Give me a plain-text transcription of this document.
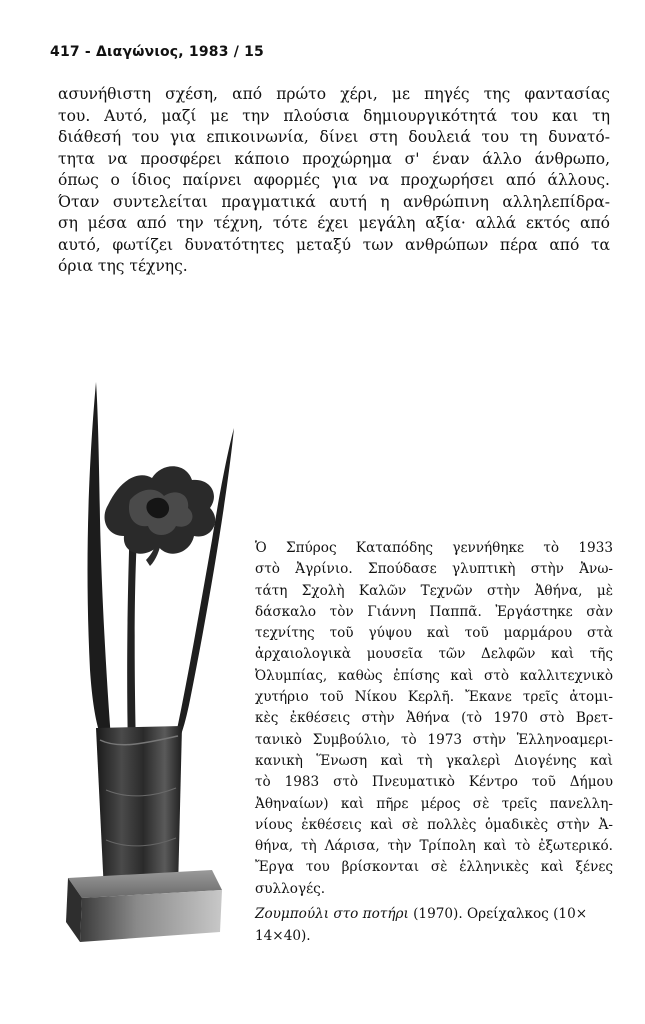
417 - Διαγώνιος, 1983 / 15
ασυνήθιστη σχέση, από πρώτο χέρι, με πηγές της φαντασίας
του. Αυτό, μαζί με την πλούσια δημιουργικότητά του και τη
διάθεσή του για επικοινωνία, δίνει στη δουλειά του τη δυνατό-
τητα να προσφέρει κάποιο προχώρημα σ' έναν άλλο άνθρωπο,
όπως ο ίδιος παίρνει αφορμές για να προχωρήσει από άλλους.
Όταν συντελείται πραγματικά αυτή η ανθρώπινη αλληλεπίδρα-
ση μέσα από την τέχνη, τότε έχει μεγάλη αξία· αλλά εκτός από
αυτό, φωτίζει δυνατότητες μεταξύ των ανθρώπων πέρα από τα
όρια της τέχνης.
Ὁ Σπύρος Καταπόδης γεννήθηκε τὸ 1933
στὸ Ἀγρίνιο. Σπούδασε γλυπτικὴ στὴν Ἀνω-
τάτη Σχολὴ Καλῶν Τεχνῶν στὴν Ἀθήνα, μὲ
δάσκαλο τὸν Γιάννη Παππᾶ. Ἐργάστηκε σὰν
τεχνίτης τοῦ γύψου καὶ τοῦ μαρμάρου στὰ
ἀρχαιολογικὰ μουσεῖα τῶν Δελφῶν καὶ τῆς
Ὀλυμπίας, καθὼς ἐπίσης καὶ στὸ καλλιτεχνικὸ
χυτήριο τοῦ Νίκου Κερλῆ. Ἔκανε τρεῖς ἀτομι-
κὲς ἐκθέσεις στὴν Ἀθήνα (τὸ 1970 στὸ Βρετ-
τανικὸ Συμβούλιο, τὸ 1973 στὴν Ἑλληνοαμερι-
κανικὴ Ἕνωση καὶ τὴ γκαλερὶ Διογένης καὶ
τὸ 1983 στὸ Πνευματικὸ Κέντρο τοῦ Δήμου
Ἀθηναίων) καὶ πῆρε μέρος σὲ τρεῖς πανελλη-
νίους ἐκθέσεις καὶ σὲ πολλὲς ὁμαδικὲς στὴν Ἀ-
θήνα, τὴ Λάρισα, τὴν Τρίπολη καὶ τὸ ἐξωτερικό.
Ἔργα του βρίσκονται σὲ ἑλληνικὲς καὶ ξένες
συλλογές.
Ζουμπούλι στο ποτήρι (1970). Ορείχαλκος (10×
14×40).
